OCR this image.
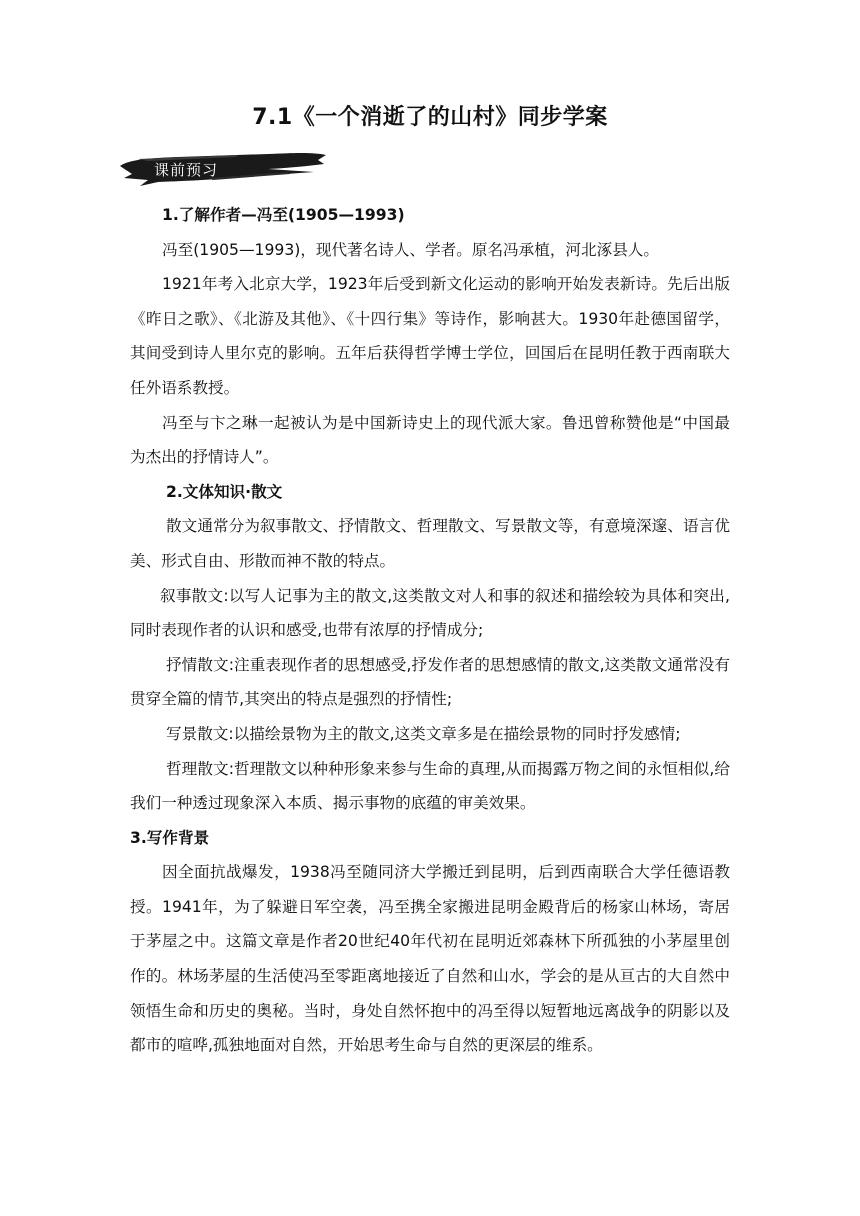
7.1《一个消逝了的山村》同步学案
课前预习

1.了解作者—冯至(1905—1993)

冯至(1905—1993)，现代著名诗人、学者。原名冯承植，河北涿县人。

1921年考入北京大学，1923年后受到新文化运动的影响开始发表新诗。先后出版《昨日之歌》、《北游及其他》、《十四行集》等诗作，影响甚大。1930年赴德国留学，其间受到诗人里尔克的影响。五年后获得哲学博士学位，回国后在昆明任教于西南联大任外语系教授。

冯至与卞之琳一起被认为是中国新诗史上的现代派大家。鲁迅曾称赞他是“中国最为杰出的抒情诗人”。

2.文体知识·散文

散文通常分为叙事散文、抒情散文、哲理散文、写景散文等，有意境深邃、语言优美、形式自由、形散而神不散的特点。

叙事散文:以写人记事为主的散文,这类散文对人和事的叙述和描绘较为具体和突出,同时表现作者的认识和感受,也带有浓厚的抒情成分;

抒情散文:注重表现作者的思想感受,抒发作者的思想感情的散文,这类散文通常没有贯穿全篇的情节,其突出的特点是强烈的抒情性;

写景散文:以描绘景物为主的散文,这类文章多是在描绘景物的同时抒发感情;

哲理散文:哲理散文以种种形象来参与生命的真理,从而揭露万物之间的永恒相似,给我们一种透过现象深入本质、揭示事物的底蕴的审美效果。

3.写作背景

因全面抗战爆发，1938冯至随同济大学搬迁到昆明，后到西南联合大学任德语教授。1941年，为了躲避日军空袭，冯至携全家搬进昆明金殿背后的杨家山林场，寄居于茅屋之中。这篇文章是作者20世纪40年代初在昆明近郊森林下所孤独的小茅屋里创作的。林场茅屋的生活使冯至零距离地接近了自然和山水，学会的是从亘古的大自然中领悟生命和历史的奥秘。当时，身处自然怀抱中的冯至得以短暂地远离战争的阴影以及都市的喧哗,孤独地面对自然，开始思考生命与自然的更深层的维系。
